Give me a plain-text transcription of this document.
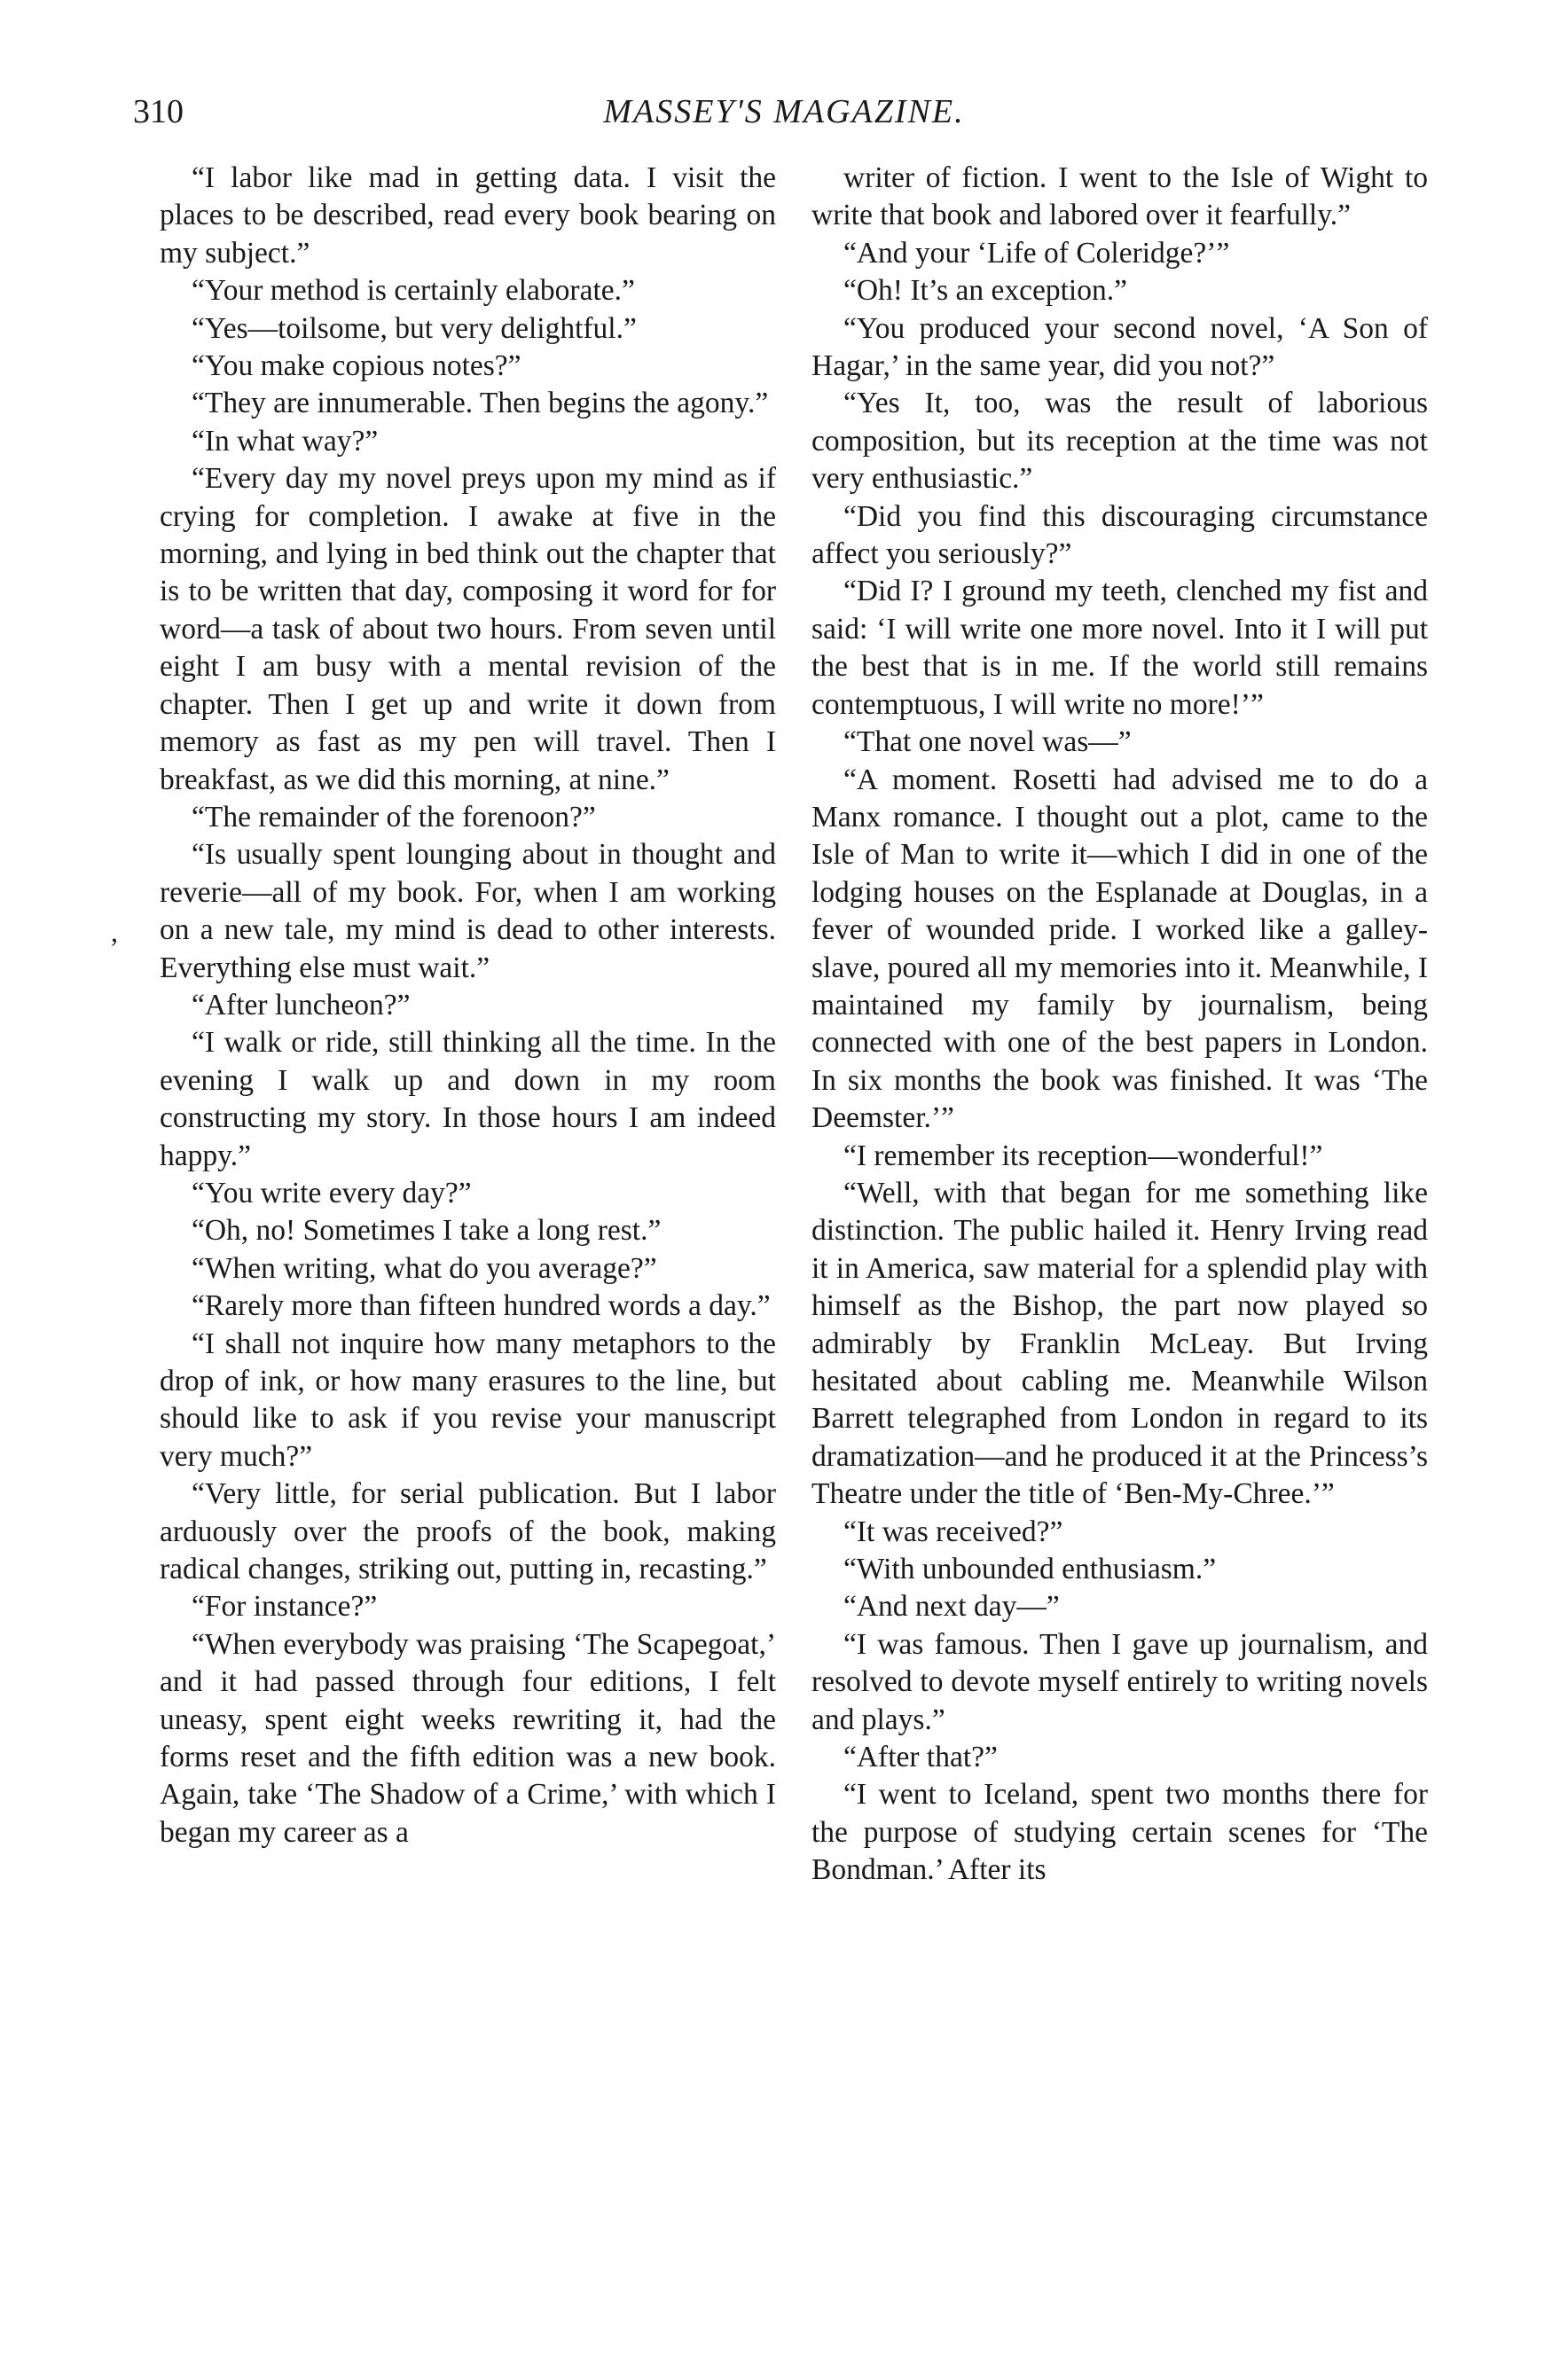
310	MASSEY'S MAGAZINE.
,

“I labor like mad in getting data. I visit the places to be described, read every book bearing on my subject.”

“Your method is certainly elaborate.”

“Yes—toilsome, but very delightful.”

“You make copious notes?”

“They are innumerable. Then begins the agony.”

“In what way?”

“Every day my novel preys upon my mind as if crying for completion. I awake at five in the morning, and lying in bed think out the chapter that is to be written that day, composing it word for for word—a task of about two hours. From seven until eight I am busy with a mental revision of the chapter. Then I get up and write it down from memory as fast as my pen will travel. Then I breakfast, as we did this morning, at nine.”

“The remainder of the forenoon?”

“Is usually spent lounging about in thought and reverie—all of my book. For, when I am working on a new tale, my mind is dead to other interests. Everything else must wait.”

“After luncheon?”

“I walk or ride, still thinking all the time. In the evening I walk up and down in my room constructing my story. In those hours I am indeed happy.”

“You write every day?”

“Oh, no! Sometimes I take a long rest.”

“When writing, what do you average?”

“Rarely more than fifteen hundred words a day.”

“I shall not inquire how many metaphors to the drop of ink, or how many erasures to the line, but should like to ask if you revise your manuscript very much?”

“Very little, for serial publication. But I labor arduously over the proofs of the book, making radical changes, striking out, putting in, recasting.”

“For instance?”

“When everybody was praising ‘The Scapegoat,’ and it had passed through four editions, I felt uneasy, spent eight weeks rewriting it, had the forms reset and the fifth edition was a new book. Again, take ‘The Shadow of a Crime,’ with which I began my career as a

writer of fiction. I went to the Isle of Wight to write that book and labored over it fearfully.”

“And your ‘Life of Coleridge?’”

“Oh! It’s an exception.”

“You produced your second novel, ‘A Son of Hagar,’ in the same year, did you not?”

“Yes It, too, was the result of laborious composition, but its reception at the time was not very enthusiastic.”

“Did you find this discouraging circumstance affect you seriously?”

“Did I? I ground my teeth, clenched my fist and said: ‘I will write one more novel. Into it I will put the best that is in me. If the world still remains contemptuous, I will write no more!’”

“That one novel was—”

“A moment. Rosetti had advised me to do a Manx romance. I thought out a plot, came to the Isle of Man to write it—which I did in one of the lodging houses on the Esplanade at Douglas, in a fever of wounded pride. I worked like a galley-slave, poured all my memories into it. Meanwhile, I maintained my family by journalism, being connected with one of the best papers in London. In six months the book was finished. It was ‘The Deemster.’”

“I remember its reception—wonderful!”

“Well, with that began for me something like distinction. The public hailed it. Henry Irving read it in America, saw material for a splendid play with himself as the Bishop, the part now played so admirably by Franklin McLeay. But Irving hesitated about cabling me. Meanwhile Wilson Barrett telegraphed from London in regard to its dramatization—and he produced it at the Princess’s Theatre under the title of ‘Ben-My-Chree.’”

“It was received?”

“With unbounded enthusiasm.”

“And next day—”

“I was famous. Then I gave up journalism, and resolved to devote myself entirely to writing novels and plays.”

“After that?”

“I went to Iceland, spent two months there for the purpose of studying certain scenes for ‘The Bondman.’ After its
